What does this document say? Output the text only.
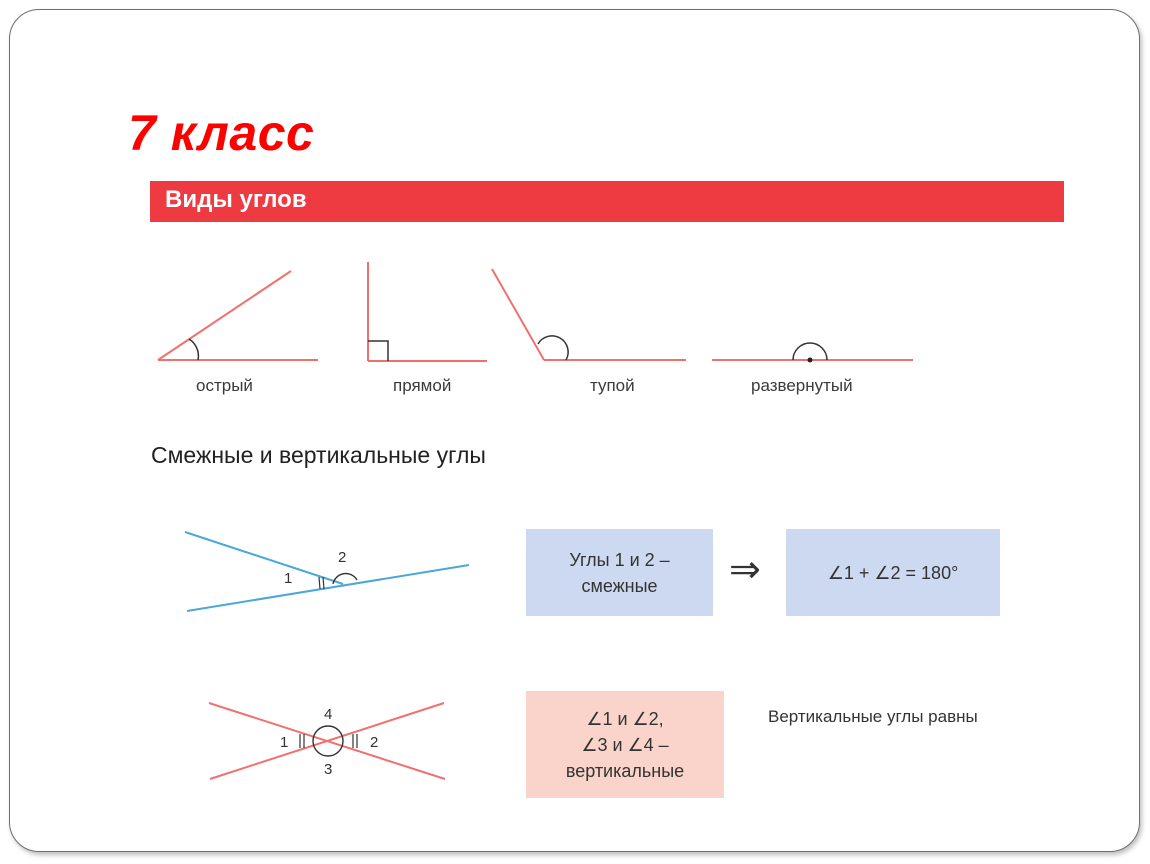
7 класс
Виды углов
1
2
1	2
3
4
острый	прямой	тупой	развернутый
Смежные и вертикальные углы
Углы 1 и 2 –
смежные ⇒	∠1 + ∠2 = 180°
∠1 и ∠2,
∠3 и ∠4 –
вертикальные
Вертикальные углы равны
